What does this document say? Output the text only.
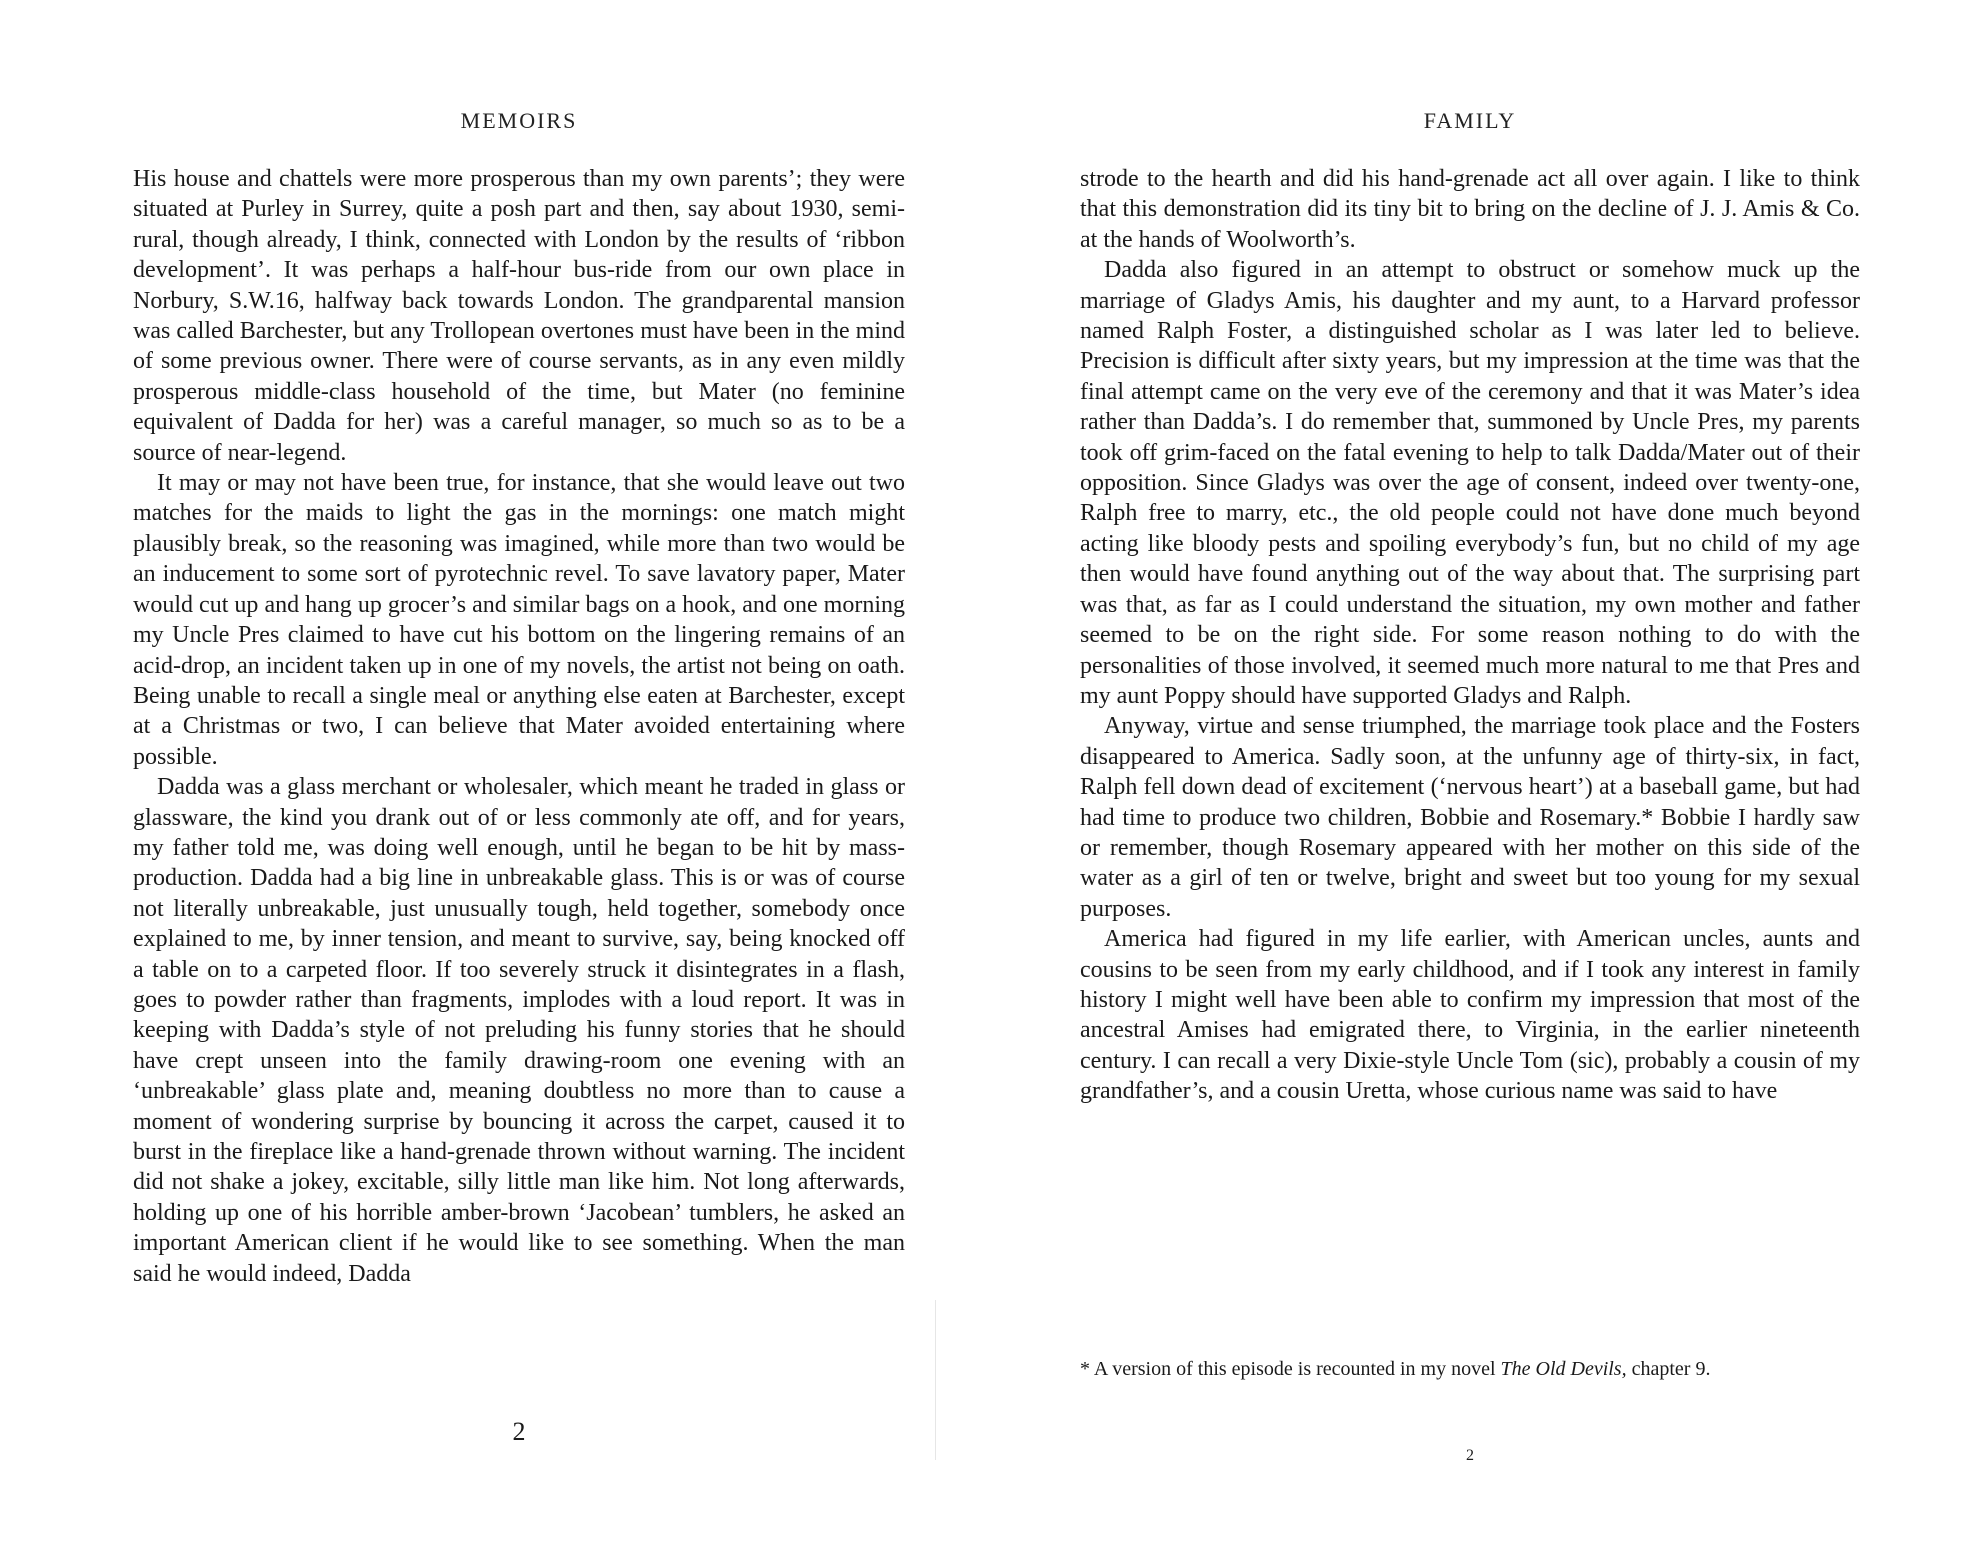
MEMOIRS

His house and chattels were more prosperous than my own parents’; they were situated at Purley in Surrey, quite a posh part and then, say about 1930, semi-rural, though already, I think, connected with London by the results of ‘ribbon development’. It was perhaps a half-hour bus-ride from our own place in Norbury, S.W.16, halfway back towards London. The grandparental mansion was called Barchester, but any Trollopean overtones must have been in the mind of some previous owner. There were of course servants, as in any even mildly prosperous middle-class household of the time, but Mater (no feminine equivalent of Dadda for her) was a careful manager, so much so as to be a source of near-legend.

It may or may not have been true, for instance, that she would leave out two matches for the maids to light the gas in the mornings: one match might plausibly break, so the reasoning was imagined, while more than two would be an inducement to some sort of pyrotechnic revel. To save lavatory paper, Mater would cut up and hang up grocer’s and similar bags on a hook, and one morning my Uncle Pres claimed to have cut his bottom on the lingering remains of an acid-drop, an incident taken up in one of my novels, the artist not being on oath. Being unable to recall a single meal or anything else eaten at Barchester, except at a Christmas or two, I can believe that Mater avoided entertaining where possible.

Dadda was a glass merchant or wholesaler, which meant he traded in glass or glassware, the kind you drank out of or less commonly ate off, and for years, my father told me, was doing well enough, until he began to be hit by mass-production. Dadda had a big line in unbreakable glass. This is or was of course not literally unbreakable, just unusually tough, held together, somebody once explained to me, by inner tension, and meant to survive, say, being knocked off a table on to a carpeted floor. If too severely struck it disintegrates in a flash, goes to powder rather than fragments, implodes with a loud report. It was in keeping with Dadda’s style of not preluding his funny stories that he should have crept unseen into the family drawing-room one evening with an ‘unbreakable’ glass plate and, meaning doubtless no more than to cause a moment of wondering surprise by bouncing it across the carpet, caused it to burst in the fireplace like a hand-grenade thrown without warning. The incident did not shake a jokey, excitable, silly little man like him. Not long afterwards, holding up one of his horrible amber-brown ‘Jacobean’ tumblers, he asked an important American client if he would like to see something. When the man said he would indeed, Dadda

2
FAMILY

strode to the hearth and did his hand-grenade act all over again. I like to think that this demonstration did its tiny bit to bring on the decline of J. J. Amis & Co. at the hands of Woolworth’s.

Dadda also figured in an attempt to obstruct or somehow muck up the marriage of Gladys Amis, his daughter and my aunt, to a Harvard professor named Ralph Foster, a distinguished scholar as I was later led to believe. Precision is difficult after sixty years, but my impression at the time was that the final attempt came on the very eve of the ceremony and that it was Mater’s idea rather than Dadda’s. I do remember that, summoned by Uncle Pres, my parents took off grim-faced on the fatal evening to help to talk Dadda/Mater out of their opposition. Since Gladys was over the age of consent, indeed over twenty-one, Ralph free to marry, etc., the old people could not have done much beyond acting like bloody pests and spoiling everybody’s fun, but no child of my age then would have found anything out of the way about that. The surprising part was that, as far as I could understand the situation, my own mother and father seemed to be on the right side. For some reason nothing to do with the personalities of those involved, it seemed much more natural to me that Pres and my aunt Poppy should have supported Gladys and Ralph.

Anyway, virtue and sense triumphed, the marriage took place and the Fosters disappeared to America. Sadly soon, at the unfunny age of thirty-six, in fact, Ralph fell down dead of excitement (‘nervous heart’) at a baseball game, but had had time to produce two children, Bobbie and Rosemary.* Bobbie I hardly saw or remember, though Rosemary appeared with her mother on this side of the water as a girl of ten or twelve, bright and sweet but too young for my sexual purposes.

America had figured in my life earlier, with American uncles, aunts and cousins to be seen from my early childhood, and if I took any interest in family history I might well have been able to confirm my impression that most of the ancestral Amises had emigrated there, to Virginia, in the earlier nineteenth century. I can recall a very Dixie-style Uncle Tom (sic), probably a cousin of my grandfather’s, and a cousin Uretta, whose curious name was said to have

* A version of this episode is recounted in my novel The Old Devils, chapter 9.
2
